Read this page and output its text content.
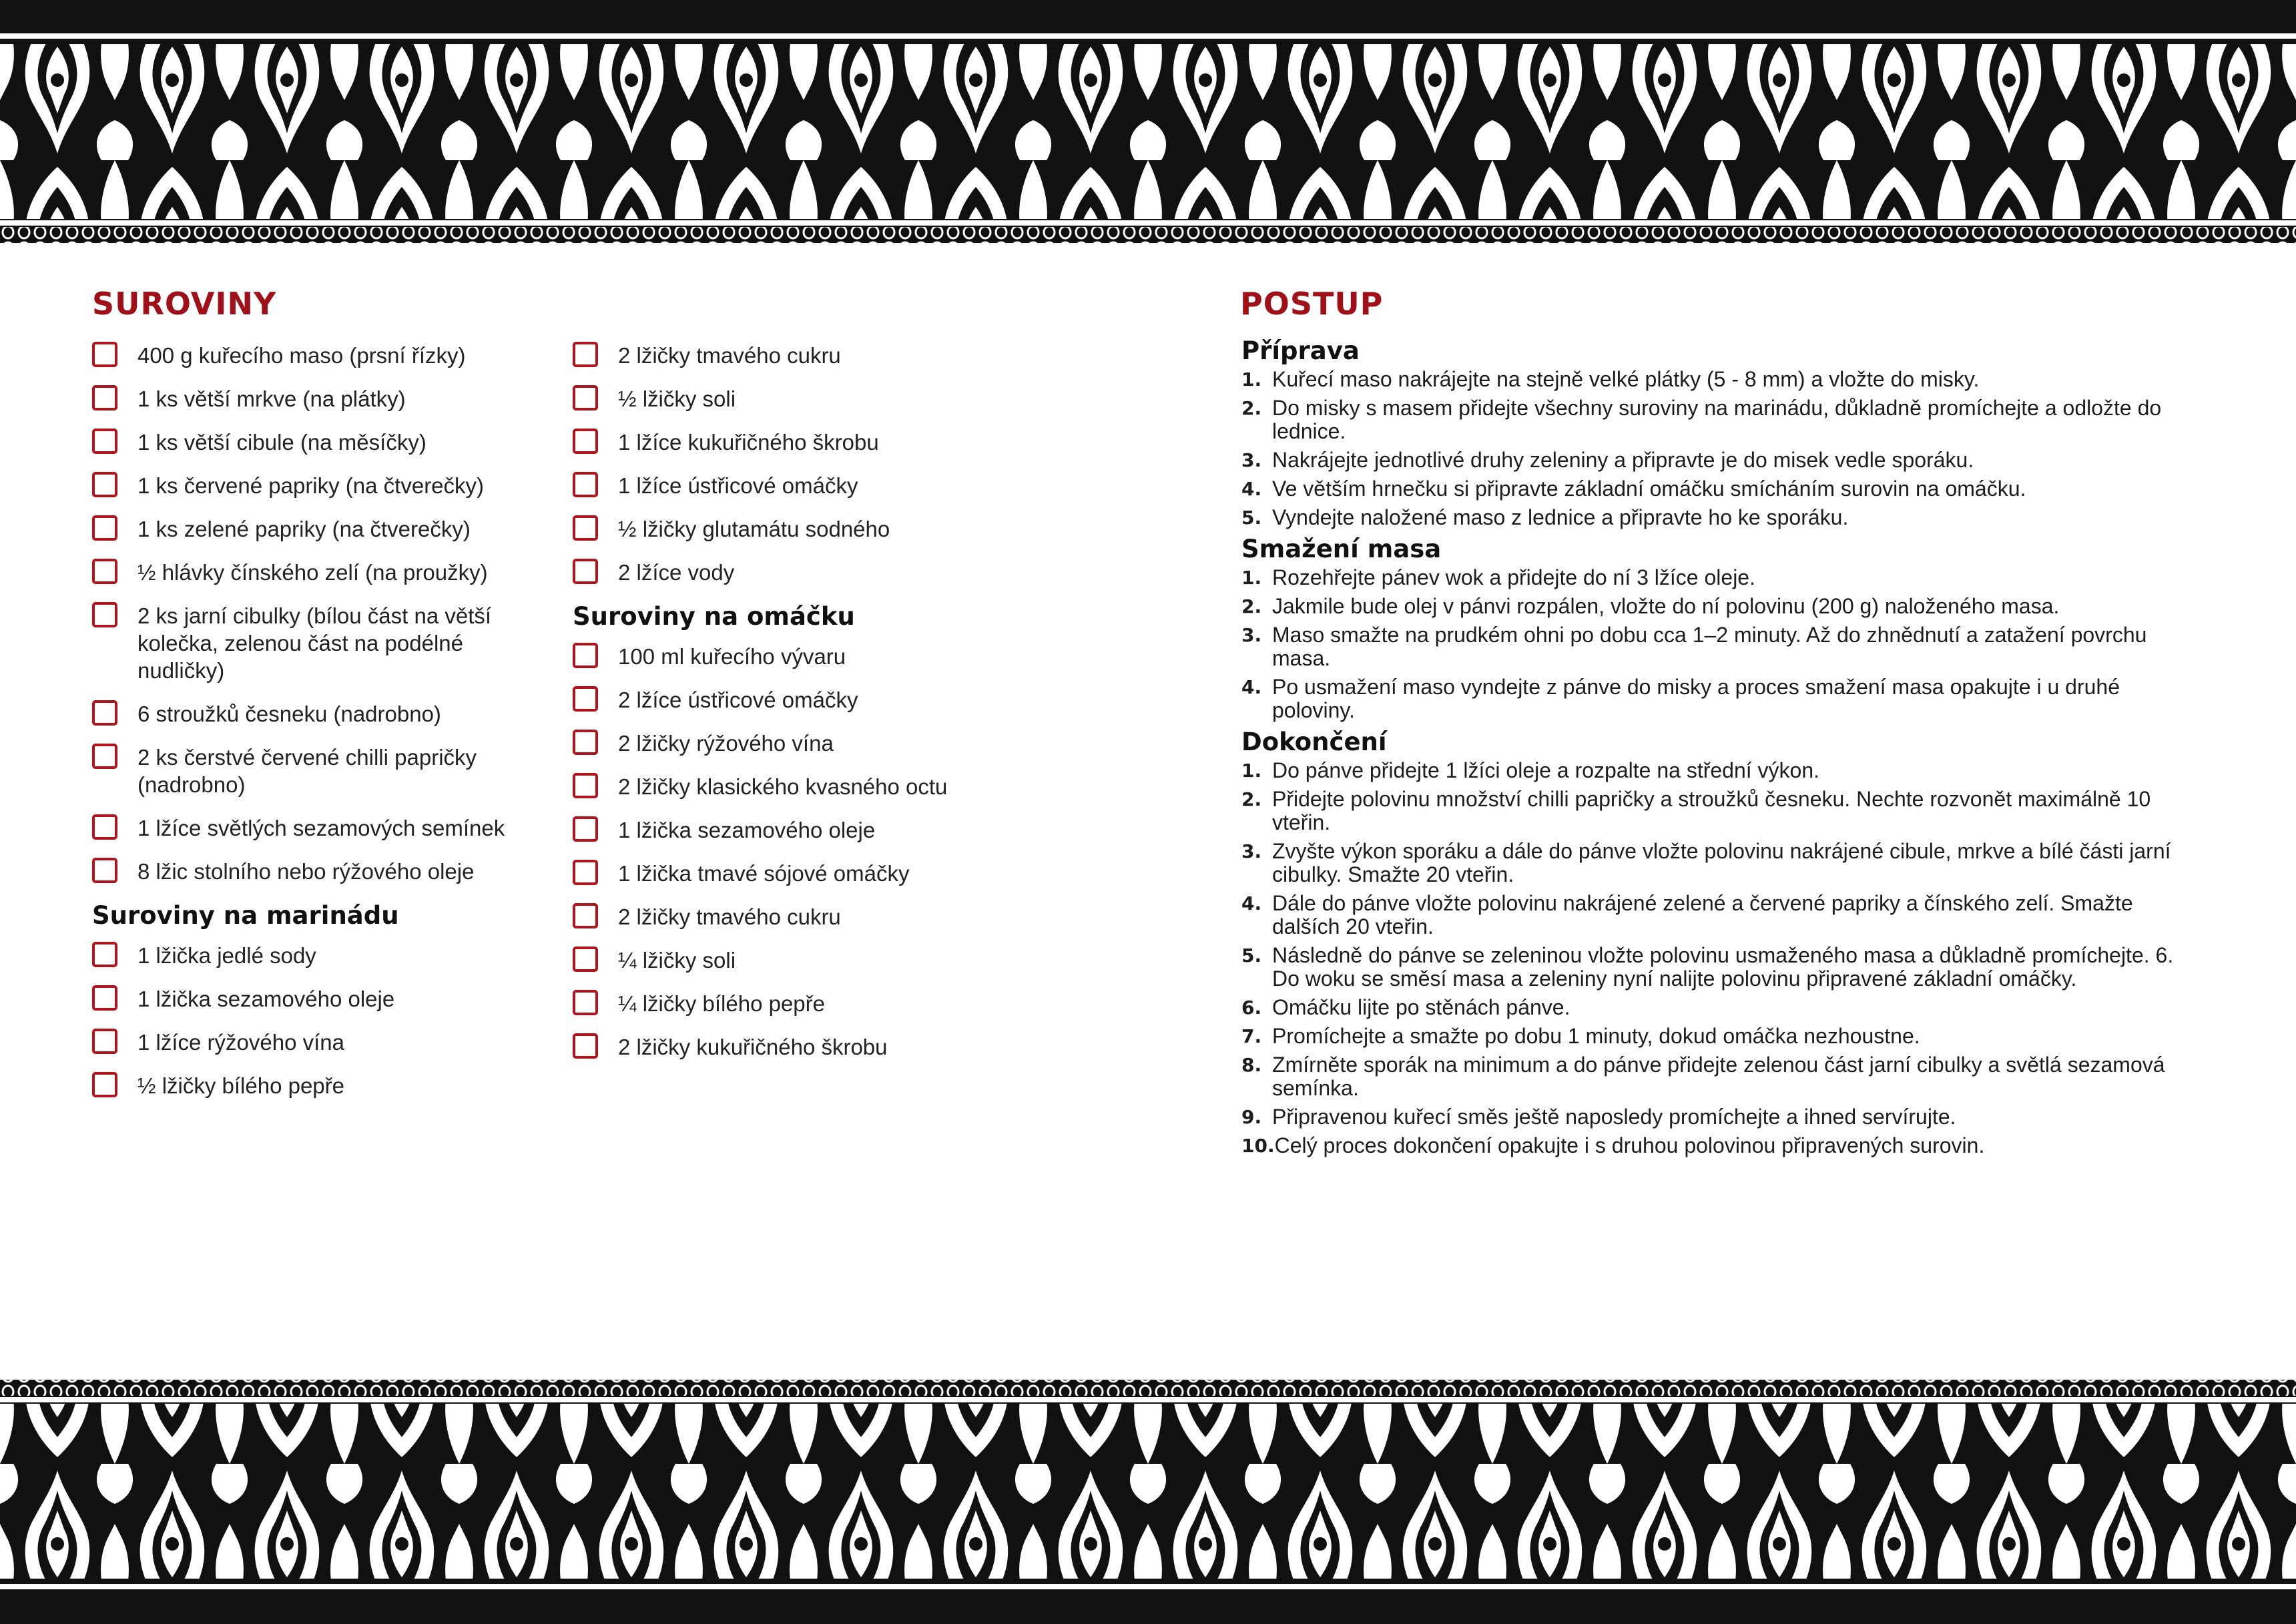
SUROVINY
400 g kuřecího maso (prsní řízky)
1 ks větší mrkve (na plátky)
1 ks větší cibule (na měsíčky)
1 ks červené papriky (na čtverečky)
1 ks zelené papriky (na čtverečky)
½ hlávky čínského zelí (na proužky)
2 ks jarní cibulky (bílou část na větší kolečka, zelenou část na podélné nudličky)
6 stroužků česneku (nadrobno)
2 ks čerstvé červené chilli papričky (nadrobno)
1 lžíce světlých sezamových semínek
8 lžic stolního nebo rýžového oleje
Suroviny na marinádu
1 lžička jedlé sody
1 lžička sezamového oleje
1 lžíce rýžového vína
½ lžičky bílého pepře
2 lžičky tmavého cukru
½ lžičky soli
1 lžíce kukuřičného škrobu
1 lžíce ústřicové omáčky
½ lžičky glutamátu sodného
2 lžíce vody
Suroviny na omáčku
100 ml kuřecího vývaru
2 lžíce ústřicové omáčky
2 lžičky rýžového vína
2 lžičky klasického kvasného octu
1 lžička sezamového oleje
1 lžička tmavé sójové omáčky
2 lžičky tmavého cukru
¼ lžičky soli
¼ lžičky bílého pepře
2 lžičky kukuřičného škrobu
POSTUP
Příprava
1. Kuřecí maso nakrájejte na stejně velké plátky (5 - 8 mm) a vložte do misky.
2. Do misky s masem přidejte všechny suroviny na marinádu, důkladně promíchejte a odložte do lednice.
3. Nakrájejte jednotlivé druhy zeleniny a připravte je do misek vedle sporáku.
4. Ve větším hrnečku si připravte základní omáčku smícháním surovin na omáčku.
5. Vyndejte naložené maso z lednice a připravte ho ke sporáku.
Smažení masa
1. Rozehřejte pánev wok a přidejte do ní 3 lžíce oleje.
2. Jakmile bude olej v pánvi rozpálen, vložte do ní polovinu (200 g) naloženého masa.
3. Maso smažte na prudkém ohni po dobu cca 1–2 minuty. Až do zhnědnutí a zatažení povrchu masa.
4. Po usmažení maso vyndejte z pánve do misky a proces smažení masa opakujte i u druhé poloviny.
Dokončení
1. Do pánve přidejte 1 lžíci oleje a rozpalte na střední výkon.
2. Přidejte polovinu množství chilli papričky a stroužků česneku. Nechte rozvonět maximálně 10 vteřin.
3. Zvyšte výkon sporáku a dále do pánve vložte polovinu nakrájené cibule, mrkve a bílé části jarní cibulky. Smažte 20 vteřin.
4. Dále do pánve vložte polovinu nakrájené zelené a červené papriky a čínského zelí. Smažte dalších 20 vteřin.
5. Následně do pánve se zeleninou vložte polovinu usmaženého masa a důkladně promíchejte. 6. Do woku se směsí masa a zeleniny nyní nalijte polovinu připravené základní omáčky.
6. Omáčku lijte po stěnách pánve.
7. Promíchejte a smažte po dobu 1 minuty, dokud omáčka nezhoustne.
8. Zmírněte sporák na minimum a do pánve přidejte zelenou část jarní cibulky a světlá sezamová semínka.
9. Připravenou kuřecí směs ještě naposledy promíchejte a ihned servírujte.
10. Celý proces dokončení opakujte i s druhou polovinou připravených surovin.
